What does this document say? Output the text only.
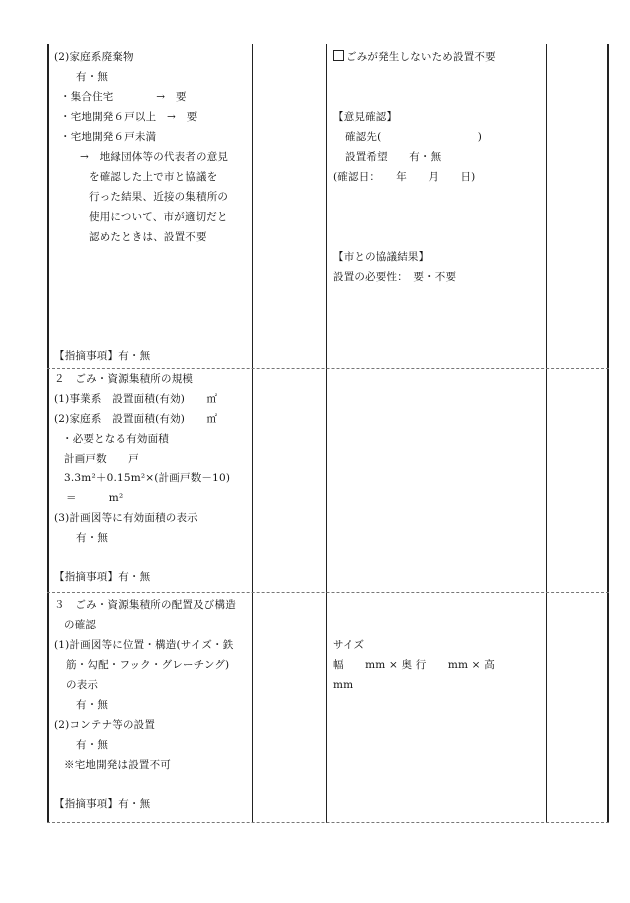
(2)家庭系廃棄物
有・無
・集合住宅　　　　→　要
・宅地開発６戸以上　→　要
・宅地開発６戸未満
→　地縁団体等の代表者の意見
を確認した上で市と協議を
行った結果、近接の集積所の
使用について、市が適切だと
認めたときは、設置不要
【指摘事項】有・無
ごみが発生しないため設置不要
【意見確認】
確認先(　　　　　　　　　)
設置希望　　有・無
(確認日：　　年　　月　　日)
【市との協議結果】
設置の必要性：　要・不要
２　ごみ・資源集積所の規模
(1)事業系　設置面積(有効)　　㎡
(2)家庭系　設置面積(有効)　　㎡
・必要となる有効面積
計画戸数　　戸
3.3m²＋0.15m²×(計画戸数－10)
＝　　　m²
(3)計画図等に有効面積の表示
有・無
【指摘事項】有・無
３　ごみ・資源集積所の配置及び構造
の確認
(1)計画図等に位置・構造(サイズ・鉄
筋・勾配・フック・グレーチング)
の表示
有・無
(2)コンテナ等の設置
有・無
※宅地開発は設置不可
【指摘事項】有・無
サイズ
幅　　mm × 奥 行　　mm × 高
mm
